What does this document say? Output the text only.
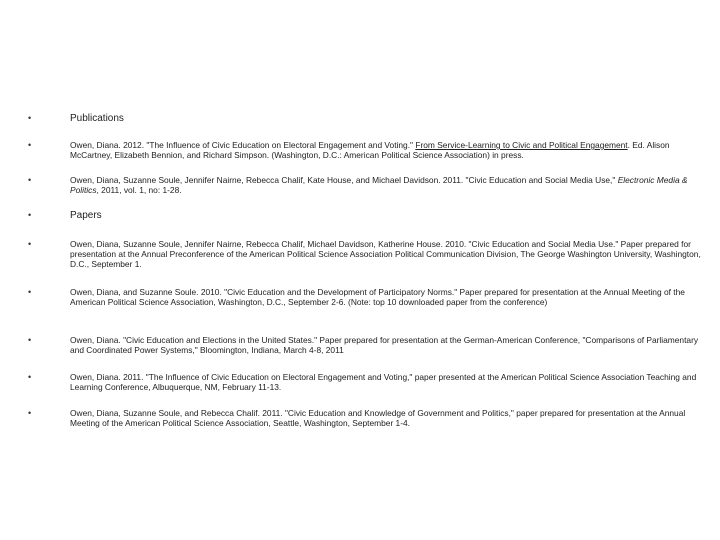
•	Publications
•	Owen, Diana. 2012. "The Influence of Civic Education on Electoral Engagement and Voting." From Service-Learning to Civic and Political Engagement. Ed. Alison McCartney, Elizabeth Bennion, and Richard Simpson. (Washington, D.C.: American Political Science Association) in press.
•	Owen, Diana, Suzanne Soule, Jennifer Nairne, Rebecca Chalif, Kate House, and Michael Davidson. 2011. "Civic Education and Social Media Use," Electronic Media & Politics, 2011, vol. 1, no: 1-28.
•	Papers
•	Owen, Diana, Suzanne Soule, Jennifer Nairne, Rebecca Chalif, Michael Davidson, Katherine House. 2010. "Civic Education and Social Media Use." Paper prepared for presentation at the Annual Preconference of the American Political Science Association Political Communication Division, The George Washington University, Washington, D.C., September 1.
•	Owen, Diana, and Suzanne Soule. 2010. "Civic Education and the Development of Participatory Norms." Paper prepared for presentation at the Annual Meeting of the American Political Science Association, Washington, D.C., September 2-6. (Note: top 10 downloaded paper from the conference)
•	Owen, Diana. "Civic Education and Elections in the United States." Paper prepared for presentation at the German-American Conference, "Comparisons of Parliamentary and Coordinated Power Systems," Bloomington, Indiana, March 4-8, 2011
•	Owen, Diana. 2011. "The Influence of Civic Education on Electoral Engagement and Voting," paper presented at the American Political Science Association Teaching and Learning Conference, Albuquerque, NM, February 11-13.
•	Owen, Diana, Suzanne Soule, and Rebecca Chalif. 2011. "Civic Education and Knowledge of Government and Politics," paper prepared for presentation at the Annual Meeting of the American Political Science Association, Seattle, Washington, September 1-4.
